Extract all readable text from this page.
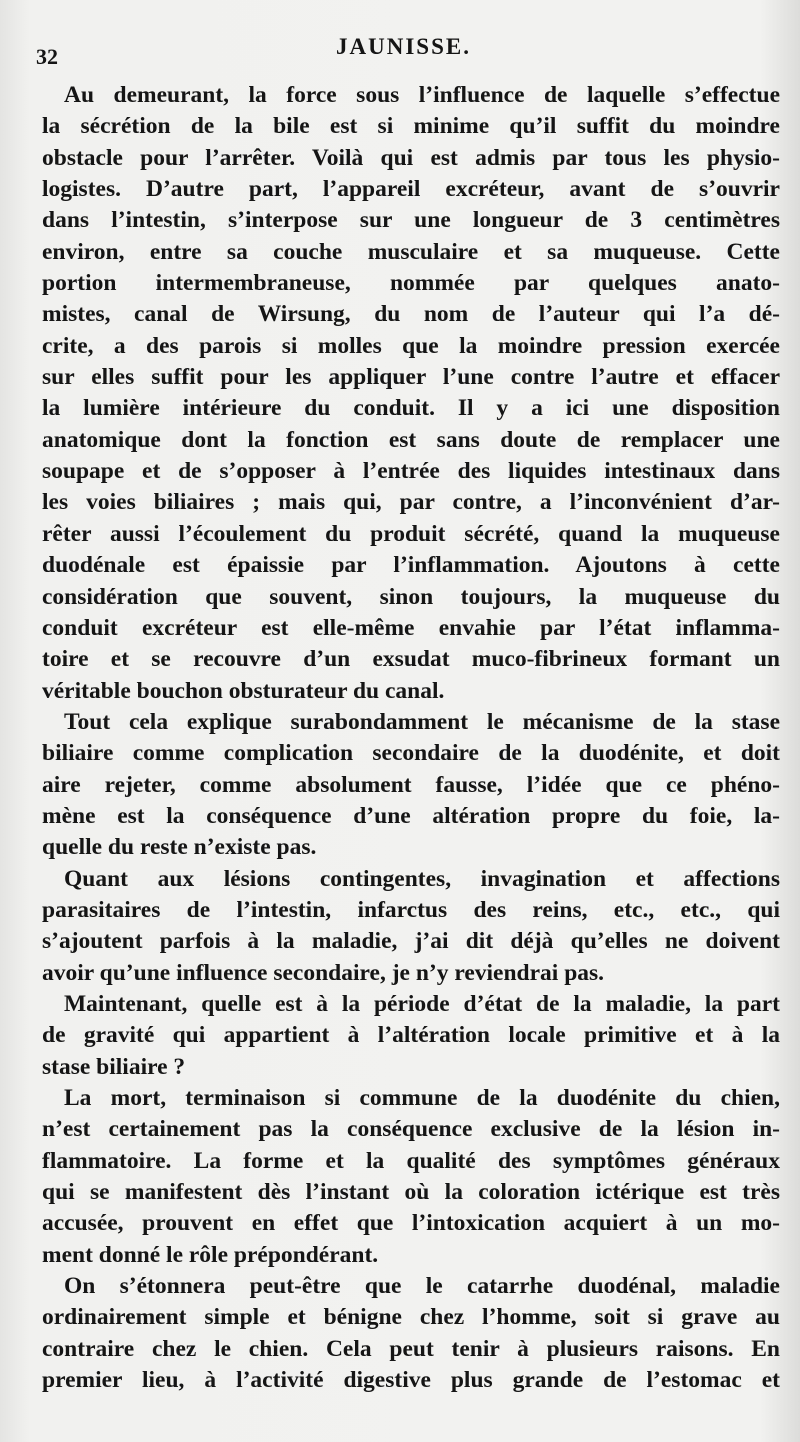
32	JAUNISSE.
Au demeurant, la force sous l’influence de laquelle s’effectue
la sécrétion de la bile est si minime qu’il suffit du moindre
obstacle pour l’arrêter. Voilà qui est admis par tous les physio-
logistes. D’autre part, l’appareil excréteur, avant de s’ouvrir
dans l’intestin, s’interpose sur une longueur de 3 centimètres
environ, entre sa couche musculaire et sa muqueuse. Cette
portion intermembraneuse, nommée par quelques anato-
mistes, canal de Wirsung, du nom de l’auteur qui l’a dé-
crite, a des parois si molles que la moindre pression exercée
sur elles suffit pour les appliquer l’une contre l’autre et effacer
la lumière intérieure du conduit. Il y a ici une disposition
anatomique dont la fonction est sans doute de remplacer une
soupape et de s’opposer à l’entrée des liquides intestinaux dans
les voies biliaires ; mais qui, par contre, a l’inconvénient d’ar-
rêter aussi l’écoulement du produit sécrété, quand la muqueuse
duodénale est épaissie par l’inflammation. Ajoutons à cette
considération que souvent, sinon toujours, la muqueuse du
conduit excréteur est elle-même envahie par l’état inflamma-
toire et se recouvre d’un exsudat muco-fibrineux formant un
véritable bouchon obsturateur du canal.
Tout cela explique surabondamment le mécanisme de la stase
biliaire comme complication secondaire de la duodénite, et doit
aire rejeter, comme absolument fausse, l’idée que ce phéno-
mène est la conséquence d’une altération propre du foie, la-
quelle du reste n’existe pas.
Quant aux lésions contingentes, invagination et affections
parasitaires de l’intestin, infarctus des reins, etc., etc., qui
s’ajoutent parfois à la maladie, j’ai dit déjà qu’elles ne doivent
avoir qu’une influence secondaire, je n’y reviendrai pas.
Maintenant, quelle est à la période d’état de la maladie, la part
de gravité qui appartient à l’altération locale primitive et à la
stase biliaire ?
La mort, terminaison si commune de la duodénite du chien,
n’est certainement pas la conséquence exclusive de la lésion in-
flammatoire. La forme et la qualité des symptômes généraux
qui se manifestent dès l’instant où la coloration ictérique est très
accusée, prouvent en effet que l’intoxication acquiert à un mo-
ment donné le rôle prépondérant.
On s’étonnera peut-être que le catarrhe duodénal, maladie
ordinairement simple et bénigne chez l’homme, soit si grave au
contraire chez le chien. Cela peut tenir à plusieurs raisons. En
premier lieu, à l’activité digestive plus grande de l’estomac et
